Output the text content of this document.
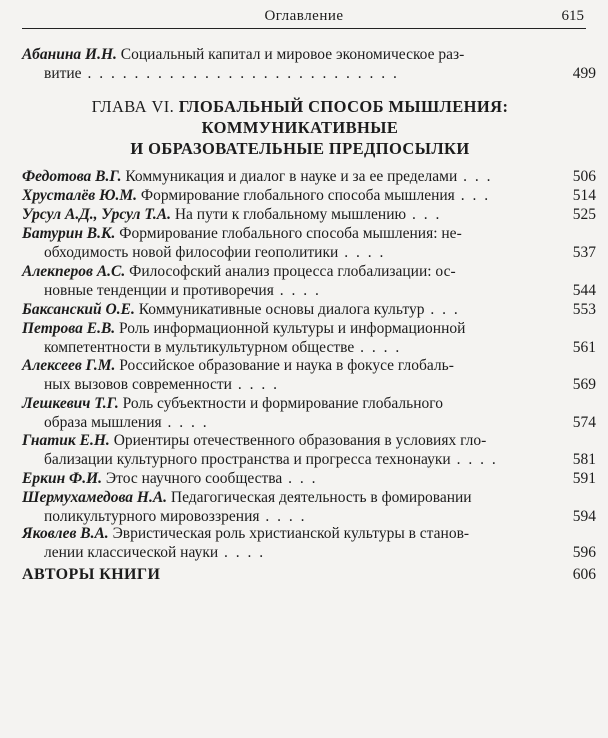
Оглавление	615
Абанина И.Н. Социальный капитал и мировое экономическое раз-
витие . . . . . . . . . . . . . . . . . . . . . . . . . . .	499
ГЛАВА VI. ГЛОБАЛЬНЫЙ СПОСОБ МЫШЛЕНИЯ:
КОММУНИКАТИВНЫЕ
И ОБРАЗОВАТЕЛЬНЫЕ ПРЕДПОСЫЛКИ
Федотова В.Г. Коммуникация и диалог в науке и за ее пределами . . .	506
Хрусталёв Ю.М. Формирование глобального способа мышления . . .	514
Урсул А.Д., Урсул Т.А. На пути к глобальному мышлению . . .	525
Батурин В.К. Формирование глобального способа мышления: не-
обходимость новой философии геополитики . . . .	537
Алекперов А.С. Философский анализ процесса глобализации: ос-
новные тенденции и противоречия . . . .	544
Баксанский О.Е. Коммуникативные основы диалога культур . . .	553
Петрова Е.В. Роль информационной культуры и информационной
компетентности в мультикультурном обществе . . . .	561
Алексеев Г.М. Российское образование и наука в фокусе глобаль-
ных вызовов современности . . . .	569
Лешкевич Т.Г. Роль субъектности и формирование глобального
образа мышления . . . .	574
Гнатик Е.Н. Ориентиры отечественного образования в условиях гло-
бализации культурного пространства и прогресса технонауки . . . .	581
Еркин Ф.И. Этос научного сообщества . . .	591
Шермухамедова Н.А. Педагогическая деятельность в фомировании
поликультурного мировоззрения . . . .	594
Яковлев В.А. Эвристическая роль христианской культуры в станов-
лении классической науки . . . .	596
АВТОРЫ КНИГИ	606
